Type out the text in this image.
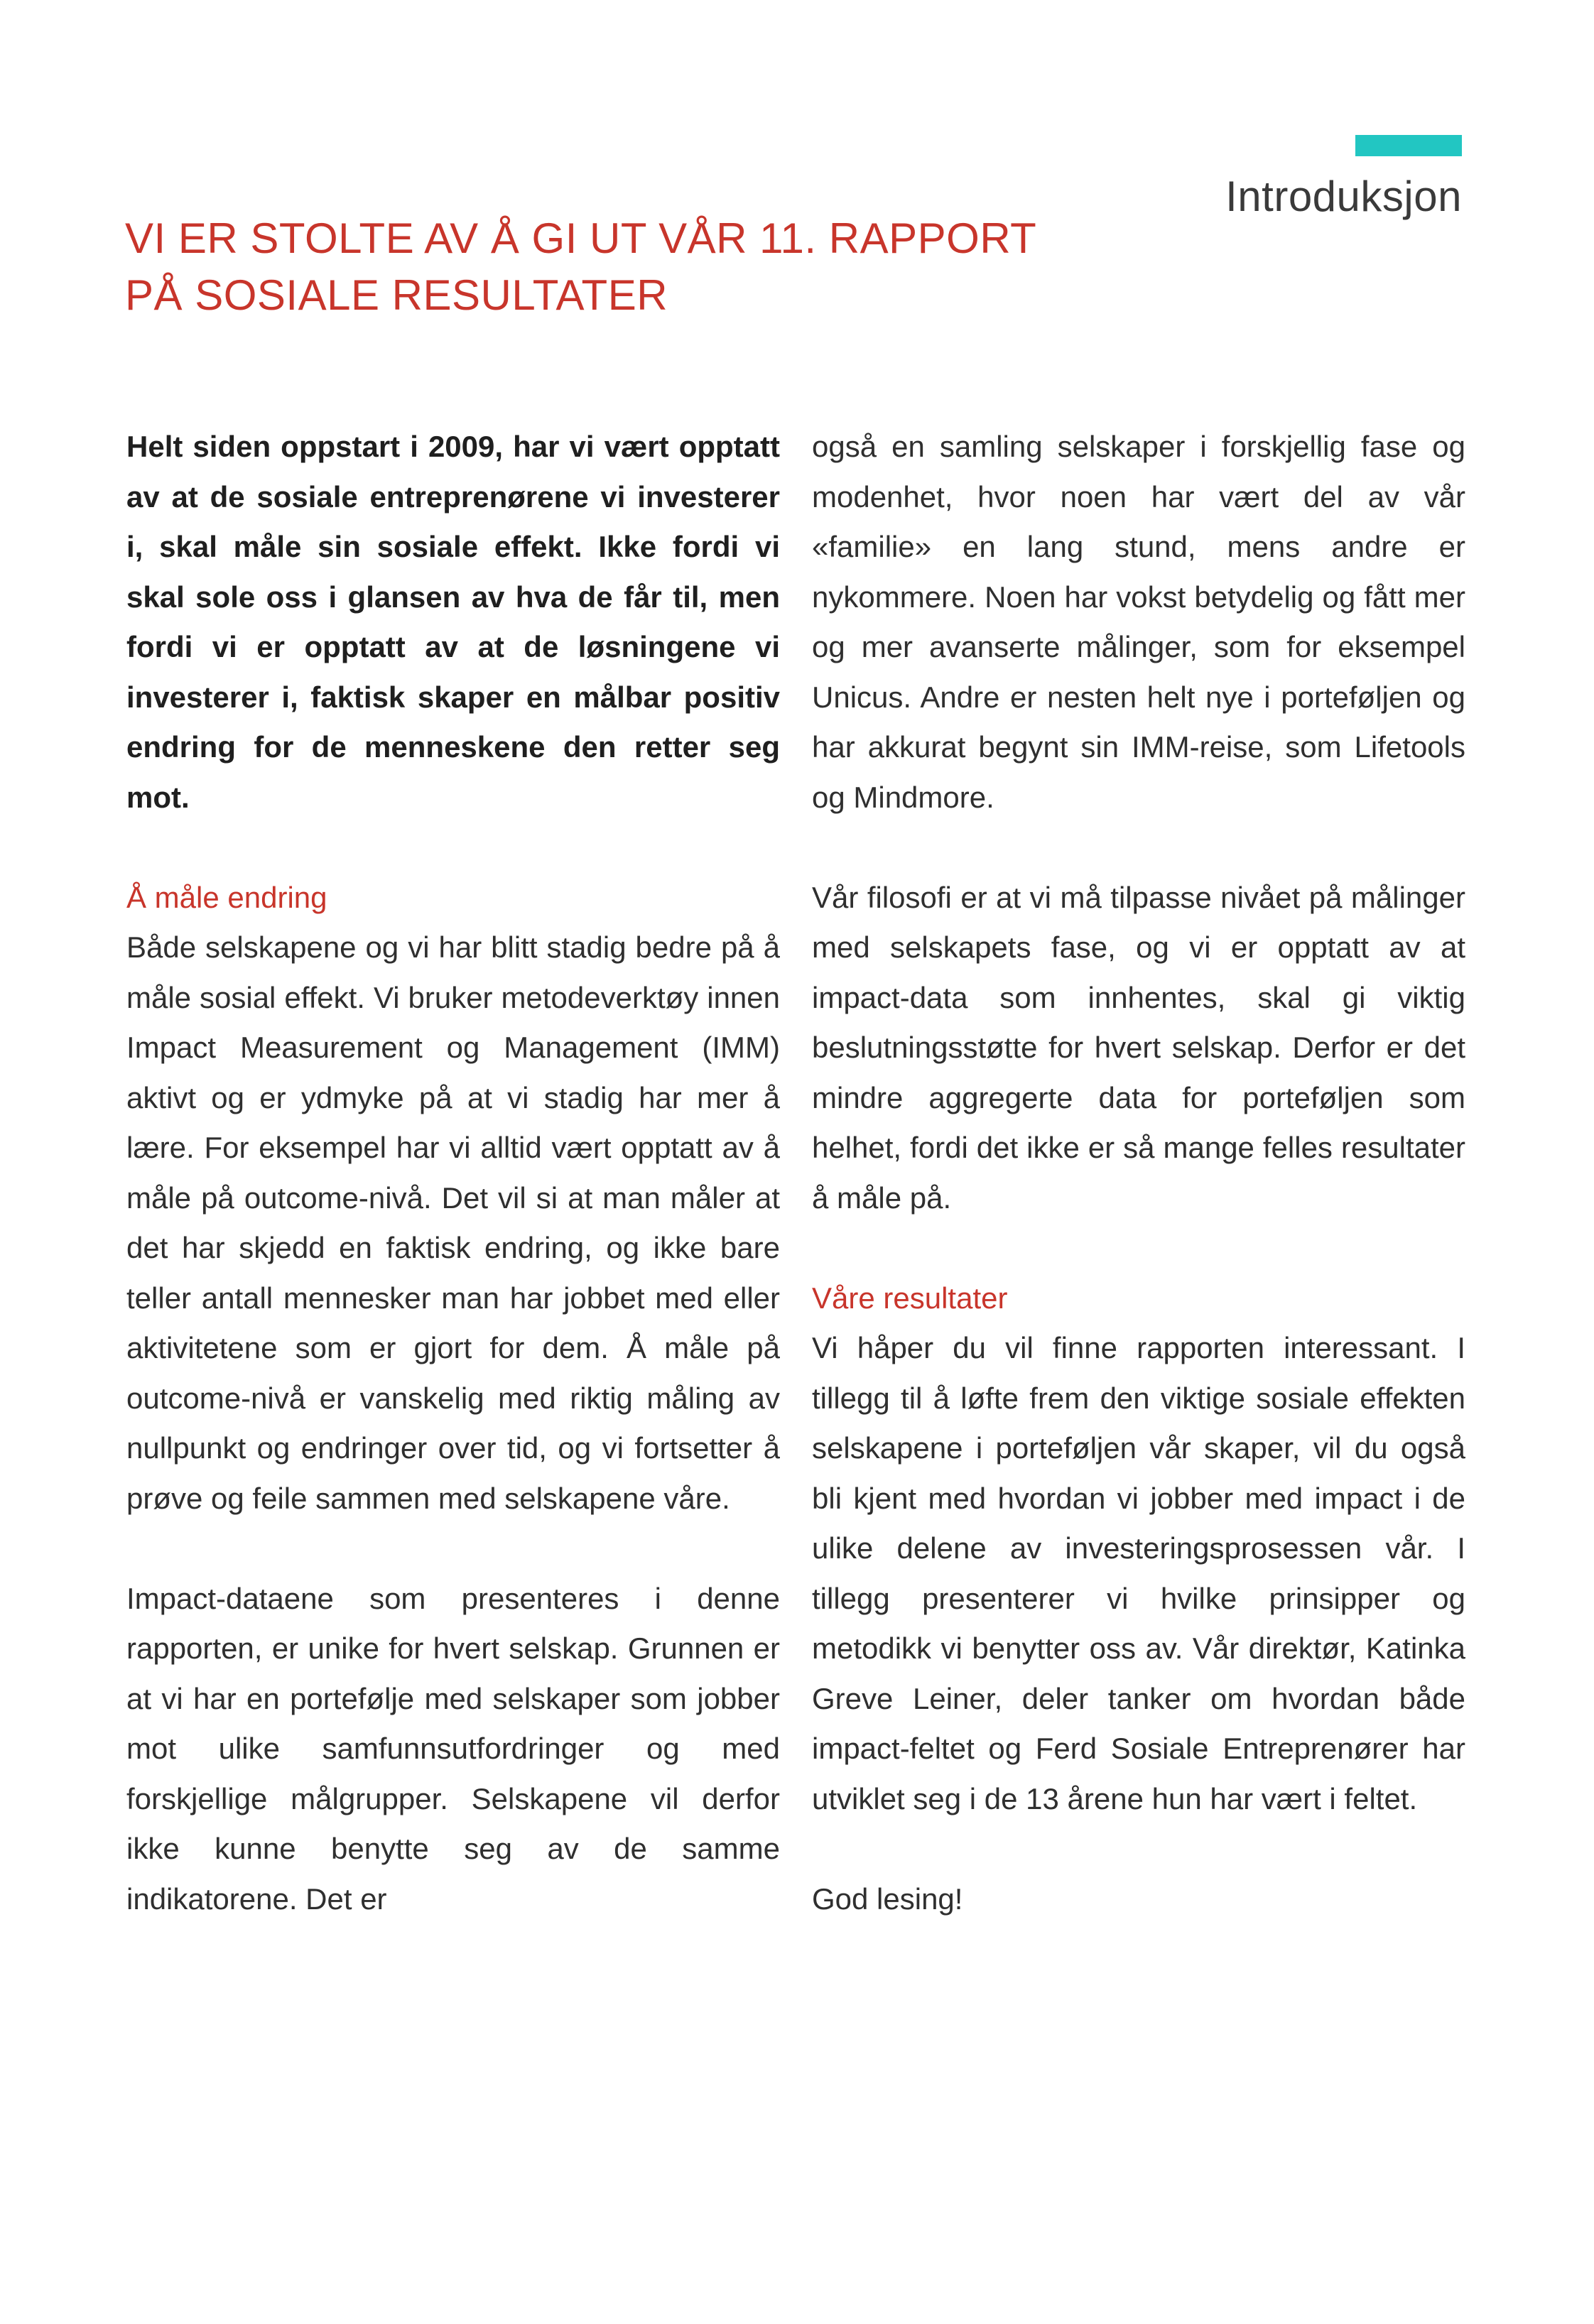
Introduksjon
VI ER STOLTE AV Å GI UT VÅR 11. RAPPORT
PÅ SOSIALE RESULTATER

Helt siden oppstart i 2009, har vi vært opptatt av at de sosiale entreprenørene vi investerer i, skal måle sin sosiale effekt. Ikke fordi vi skal sole oss i glansen av hva de får til, men fordi vi er opptatt av at de løsningene vi investerer i, faktisk skaper en målbar positiv endring for de menneskene den retter seg mot.

Å måle endring

Både selskapene og vi har blitt stadig bedre på å måle sosial effekt. Vi bruker metodeverktøy innen Impact Measurement og Management (IMM) aktivt og er ydmyke på at vi stadig har mer å lære. For eksempel har vi alltid vært opptatt av å måle på outcome-nivå. Det vil si at man måler at det har skjedd en faktisk endring, og ikke bare teller antall mennesker man har jobbet med eller aktivitetene som er gjort for dem. Å måle på outcome-nivå er vanskelig med riktig måling av nullpunkt og endringer over tid, og vi fortsetter å prøve og feile sammen med selskapene våre.

Impact-dataene som presenteres i denne rapporten, er unike for hvert selskap. Grunnen er at vi har en portefølje med selskaper som jobber mot ulike samfunnsutfordringer og med forskjellige målgrupper. Selskapene vil derfor ikke kunne benytte seg av de samme indikatorene. Det er

også en samling selskaper i forskjellig fase og modenhet, hvor noen har vært del av vår «familie» en lang stund, mens andre er nykommere. Noen har vokst betydelig og fått mer og mer avanserte målinger, som for eksempel Unicus. Andre er nesten helt nye i porteføljen og har akkurat begynt sin IMM-reise, som Lifetools og Mindmore.

Vår filosofi er at vi må tilpasse nivået på målinger med selskapets fase, og vi er opptatt av at impact-data som innhentes, skal gi viktig beslutningsstøtte for hvert selskap. Derfor er det mindre aggregerte data for porteføljen som helhet, fordi det ikke er så mange felles resultater å måle på.

Våre resultater

Vi håper du vil finne rapporten interessant. I tillegg til å løfte frem den viktige sosiale effekten selskapene i porteføljen vår skaper, vil du også bli kjent med hvordan vi jobber med impact i de ulike delene av investeringsprosessen vår. I tillegg presenterer vi hvilke prinsipper og metodikk vi benytter oss av. Vår direktør, Katinka Greve Leiner, deler tanker om hvordan både impact-feltet og Ferd Sosiale Entreprenører har utviklet seg i de 13 årene hun har vært i feltet.

God lesing!
